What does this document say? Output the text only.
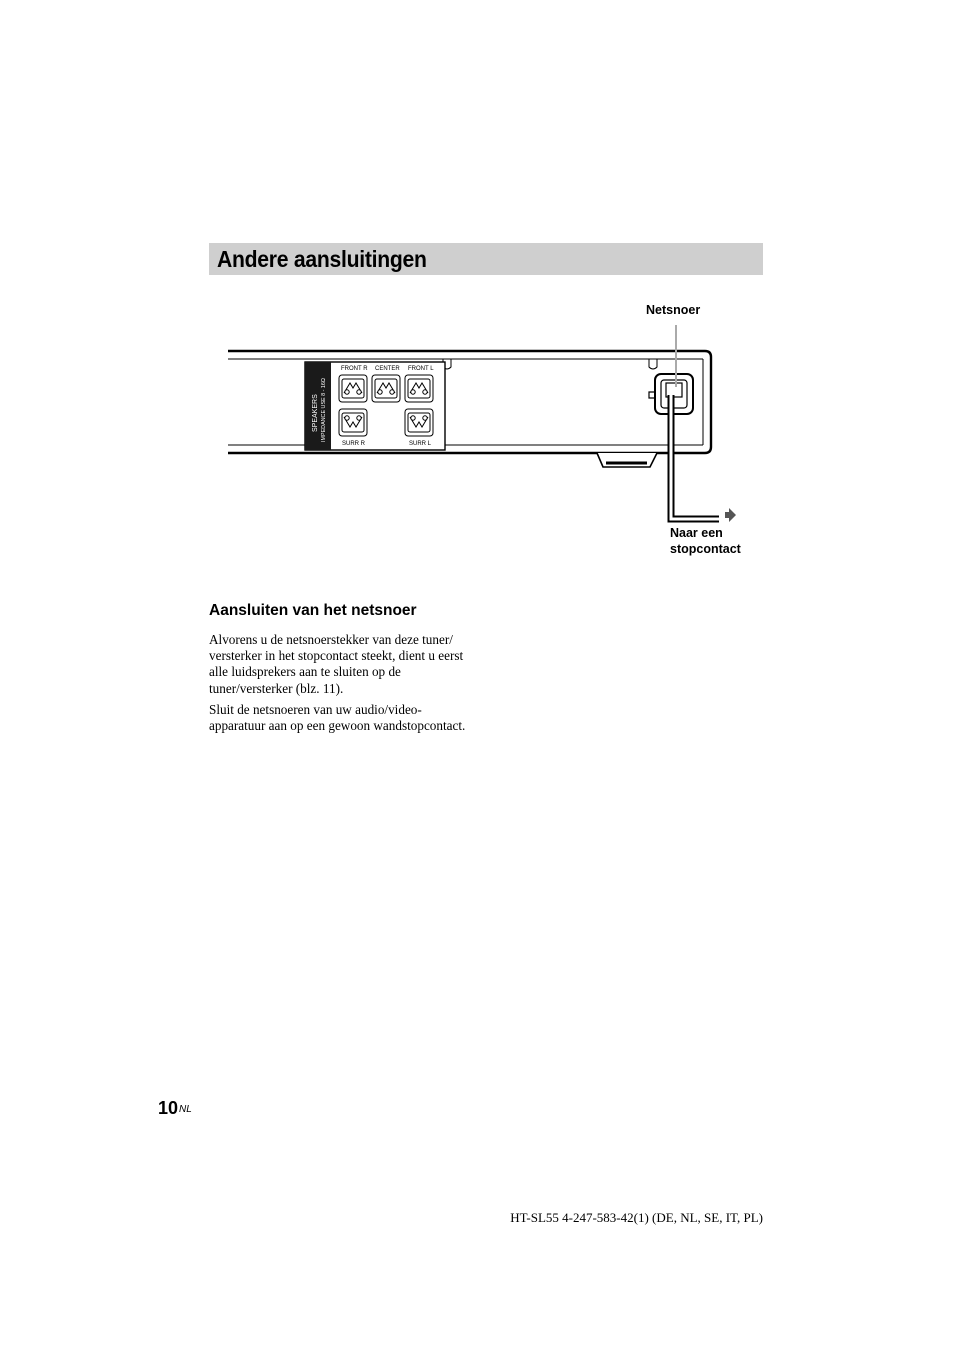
Andere aansluitingen
SPEAKERS IMPEDANCE USE 8 - 16Ω
FRONT R CENTER FRONT L
SURR R	SURR L
Netsnoer
Naar een
stopcontact
Aansluiten van het netsnoer

Alvorens u de netsnoerstekker van deze tuner/ versterker in het stopcontact steekt, dient u eerst alle luidsprekers aan te sluiten op de tuner/versterker (blz. 11).

Sluit de netsnoeren van uw audio/video-apparatuur aan op een gewoon wandstopcontact.

$10^{NL}$
HT-SL55 4-247-583-42(1) (DE, NL, SE, IT, PL)
